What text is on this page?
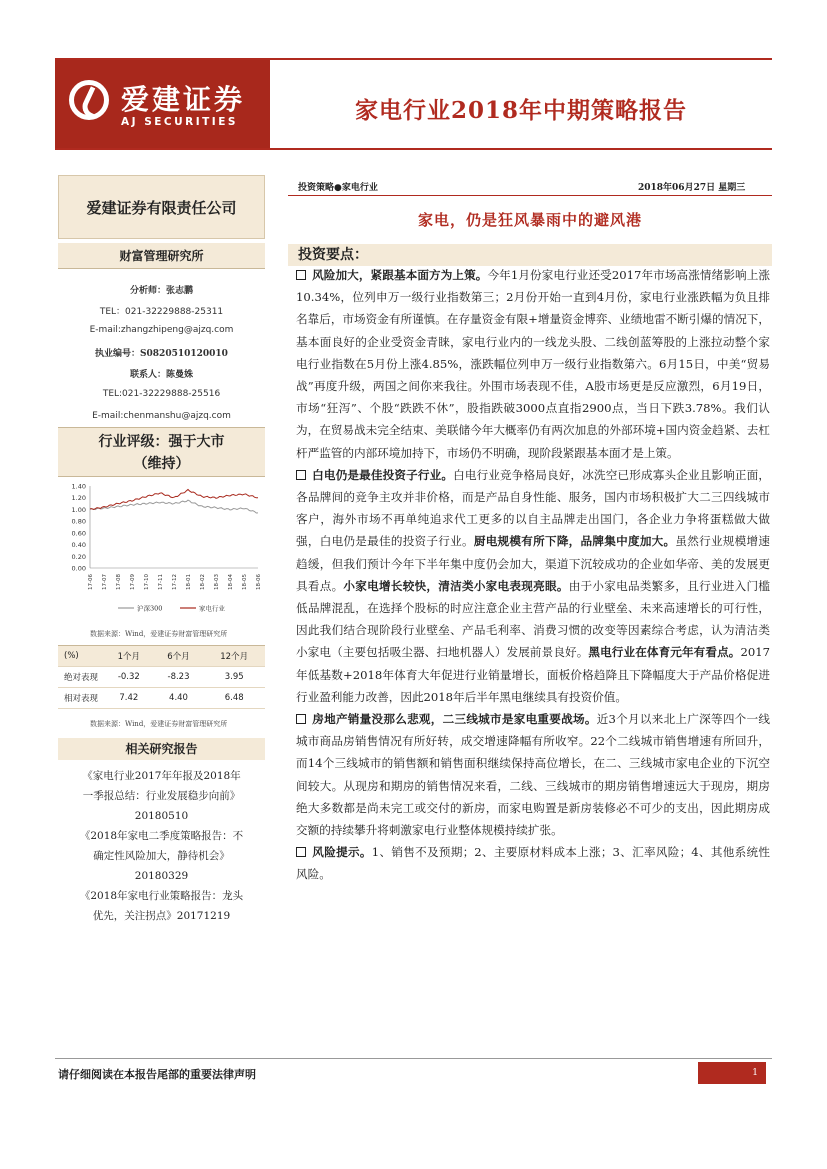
爱建证券
AJ SECURITIES	家电行业2018年中期策略报告
爱建证券有限责任公司
财富管理研究所
分析师：张志鹏
TEL：021-32229888-25311
E-mail:zhangzhipeng@ajzq.com
执业编号：S0820510120010
联系人：陈曼姝
TEL:021-32229888-25516
E-mail:chenmanshu@ajzq.com
行业评级：强于大市
（维持）
1.40
1.20
1.00
0.80
0.60
0.40
0.20
0.00
17-06 17-07 17-08 17-09 17-10 17-11 17-12 18-01 18-02 18-03 18-04 18-05 18-06
沪深300	家电行业
数据来源：Wind，爱建证券财富管理研究所
(%)	1个月	6个月	12个月
绝对表现	-0.32	-8.23	3.95
相对表现	7.42	4.40	6.48
数据来源：Wind，爱建证券财富管理研究所
相关研究报告
《家电行业2017年年报及2018年
一季报总结：行业发展稳步向前》
20180510
《2018年家电二季度策略报告：不
确定性风险加大，静待机会》
20180329
《2018年家电行业策略报告：龙头
优先，关注拐点》20171219
投资策略●家电行业	2018年06月27日 星期三
家电，仍是狂风暴雨中的避风港
投资要点：

风险加大，紧跟基本面方为上策。今年1月份家电行业还受2017年市场高涨情绪影响上涨10.34%，位列申万一级行业指数第三；2月份开始一直到4月份，家电行业涨跌幅为负且排名靠后，市场资金有所谨慎。在存量资金有限+增量资金博弈、业绩地雷不断引爆的情况下，基本面良好的企业受资金青睐，家电行业内的一线龙头股、二线创蓝筹股的上涨拉动整个家电行业指数在5月份上涨4.85%，涨跌幅位列申万一级行业指数第六。6月15日，中美“贸易战”再度升级，两国之间你来我往。外围市场表现不佳，A股市场更是反应激烈，6月19日，市场“狂泻”、个股“跌跌不休”，股指跌破3000点直指2900点，当日下跌3.78%。我们认为，在贸易战未完全结束、美联储今年大概率仍有两次加息的外部环境+国内资金趋紧、去杠杆严监管的内部环境加持下，市场仍不明确，现阶段紧跟基本面才是上策。

白电仍是最佳投资子行业。白电行业竞争格局良好，冰洗空已形成寡头企业且影响正面，各品牌间的竞争主攻并非价格，而是产品自身性能、服务，国内市场积极扩大二三四线城市客户，海外市场不再单纯追求代工更多的以自主品牌走出国门，各企业力争将蛋糕做大做强，白电仍是最佳的投资子行业。厨电规模有所下降，品牌集中度加大。虽然行业规模增速趋缓，但我们预计今年下半年集中度仍会加大，渠道下沉较成功的企业如华帝、美的发展更具看点。小家电增长较快，清洁类小家电表现亮眼。由于小家电品类繁多，且行业进入门槛低品牌混乱，在选择个股标的时应注意企业主营产品的行业壁垒、未来高速增长的可行性，因此我们结合现阶段行业壁垒、产品毛利率、消费习惯的改变等因素综合考虑，认为清洁类小家电（主要包括吸尘器、扫地机器人）发展前景良好。黑电行业在体育元年有看点。2017年低基数+2018年体育大年促进行业销量增长，面板价格趋降且下降幅度大于产品价格促进行业盈利能力改善，因此2018年后半年黑电继续具有投资价值。

房地产销量没那么悲观，二三线城市是家电重要战场。近3个月以来北上广深等四个一线城市商品房销售情况有所好转，成交增速降幅有所收窄。22个二线城市销售增速有所回升，而14个三线城市的销售额和销售面积继续保持高位增长，在二、三线城市家电企业的下沉空间较大。从现房和期房的销售情况来看，二线、三线城市的期房销售增速远大于现房，期房绝大多数都是尚未完工或交付的新房，而家电购置是新房装修必不可少的支出，因此期房成交额的持续攀升将刺激家电行业整体规模持续扩张。

风险提示。1、销售不及预期；2、主要原材料成本上涨；3、汇率风险；4、其他系统性风险。

请仔细阅读在本报告尾部的重要法律声明	1
